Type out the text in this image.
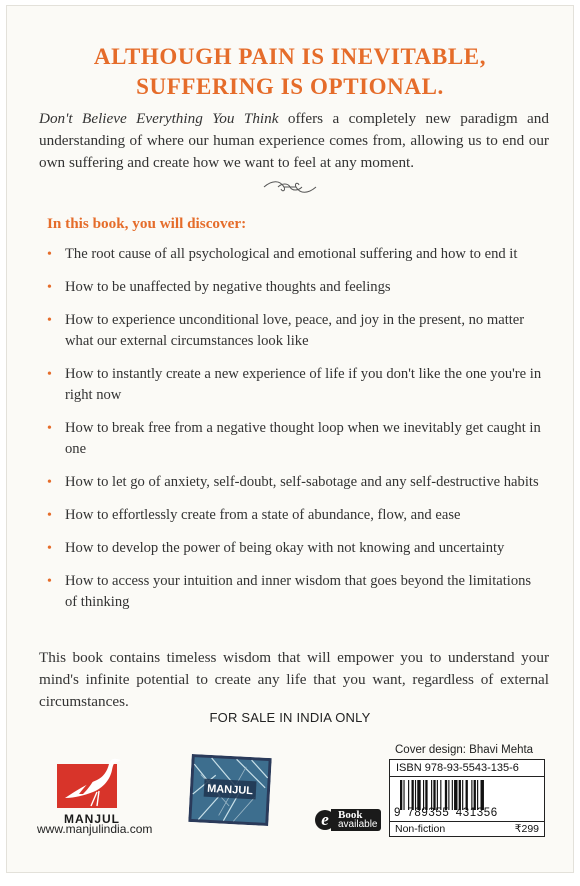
ALTHOUGH PAIN IS INEVITABLE,
SUFFERING IS OPTIONAL.
Don't Believe Everything You Think offers a completely new paradigm and understanding of where our human experience comes from, allowing us to end our own suffering and create how we want to feel at any moment.
In this book, you will discover:
• The root cause of all psychological and emotional suffering and how to end it
• How to be unaffected by negative thoughts and feelings
• How to experience unconditional love, peace, and joy in the present, no matter what our external circumstances look like
• How to instantly create a new experience of life if you don't like the one you're in right now
• How to break free from a negative thought loop when we inevitably get caught in one
• How to let go of anxiety, self-doubt, self-sabotage and any self-destructive habits
• How to effortlessly create from a state of abundance, flow, and ease
• How to develop the power of being okay with not knowing and uncertainty
• How to access your intuition and inner wisdom that goes beyond the limitations of thinking
This book contains timeless wisdom that will empower you to understand your mind's infinite potential to create any life that you want, regardless of external circumstances.
FOR SALE IN INDIA ONLY
MANJUL
www.manjulindia.com
MANJUL
e Book
available
Cover design: Bhavi Mehta
ISBN 978-93-5543-135-6
9 789355 431356
Non-fiction	₹299
